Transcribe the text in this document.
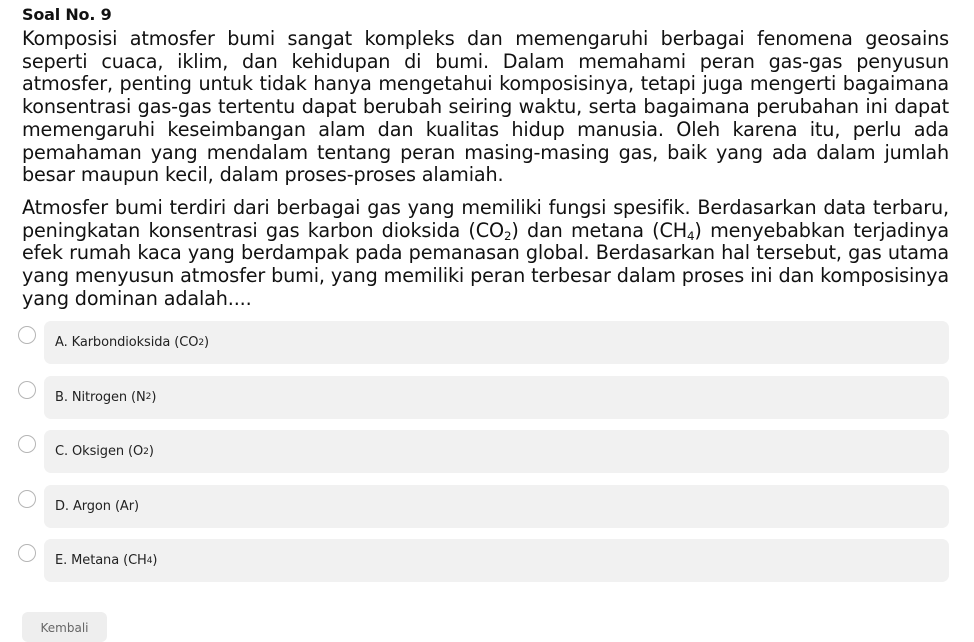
Soal No. 9
Komposisi atmosfer bumi sangat kompleks dan memengaruhi berbagai fenomena geosains seperti cuaca, iklim, dan kehidupan di bumi. Dalam memahami peran gas-gas penyusun atmosfer, penting untuk tidak hanya mengetahui komposisinya, tetapi juga mengerti bagaimana konsentrasi gas-gas tertentu dapat berubah seiring waktu, serta bagaimana perubahan ini dapat memengaruhi keseimbangan alam dan kualitas hidup manusia. Oleh karena itu, perlu ada pemahaman yang mendalam tentang peran masing-masing gas, baik yang ada dalam jumlah besar maupun kecil, dalam proses-proses alamiah.
Atmosfer bumi terdiri dari berbagai gas yang memiliki fungsi spesifik. Berdasarkan data terbaru, peningkatan konsentrasi gas karbon dioksida $(CO_2)$ dan metana $(CH_4)$ menyebabkan terjadinya efek rumah kaca yang berdampak pada pemanasan global. Berdasarkan hal tersebut, gas utama yang menyusun atmosfer bumi, yang memiliki peran terbesar dalam proses ini dan komposisinya yang dominan adalah....
A. Karbondioksida (CO 2 )
B. Nitrogen (N 2 )
C. Oksigen (O 2 )
D. Argon (Ar)
E. Metana (CH 4 )
Kembali
